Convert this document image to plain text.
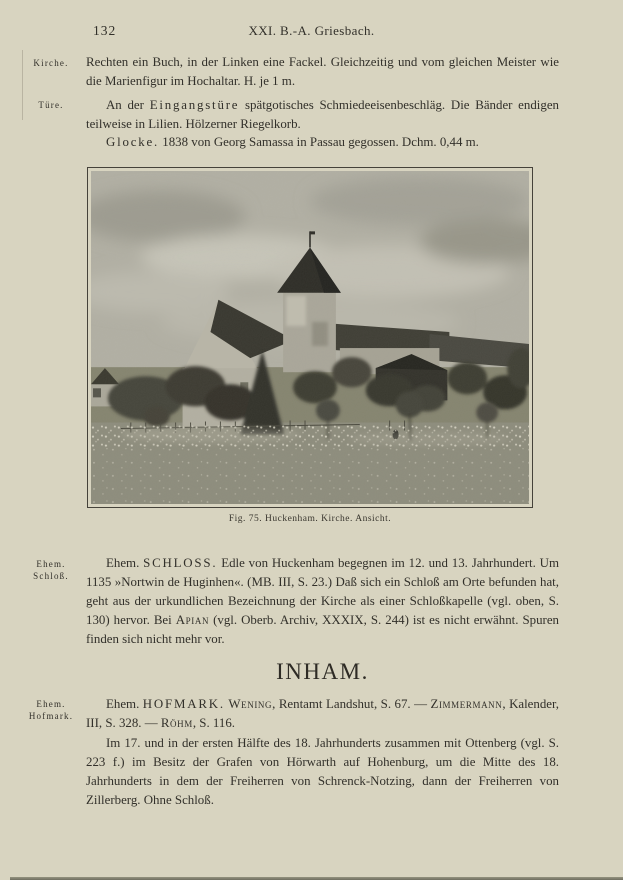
132	XXI. B.-A. Griesbach.
Kirche.
Türe.
Ehem.
Schloß.
Ehem.
Hofmark.
Rechten ein Buch, in der Linken eine Fackel. Gleichzeitig und vom gleichen Meister wie die Marienfigur im Hochaltar. H. je 1 m.
An der Eingangstüre spätgotisches Schmiedeeisenbeschläg. Die Bänder endigen teilweise in Lilien. Hölzerner Riegelkorb.
Glocke. 1838 von Georg Samassa in Passau gegossen. Dchm. 0,44 m.
Ehem. SCHLOSS. Edle von Huckenham begegnen im 12. und 13. Jahrhundert. Um 1135 »Nortwin de Huginhen«. (MB. III, S. 23.) Daß sich ein Schloß am Orte befunden hat, geht aus der urkundlichen Bezeichnung der Kirche als einer Schloßkapelle (vgl. oben, S. 130) hervor. Bei Apian (vgl. Oberb. Archiv, XXXIX, S. 244) ist es nicht erwähnt. Spuren finden sich nicht mehr vor.
Ehem. HOFMARK. Wening, Rentamt Landshut, S. 67. — Zimmermann, Kalender, III, S. 328. — Röhm, S. 116.
Im 17. und in der ersten Hälfte des 18. Jahrhunderts zusammen mit Ottenberg (vgl. S. 223 f.) im Besitz der Grafen von Hörwarth auf Hohenburg, um die Mitte des 18. Jahrhunderts in dem der Freiherren von Schrenck-Notzing, dann der Freiherren von Zillerberg. Ohne Schloß.
Fig. 75. Huckenham. Kirche. Ansicht.
INHAM.
